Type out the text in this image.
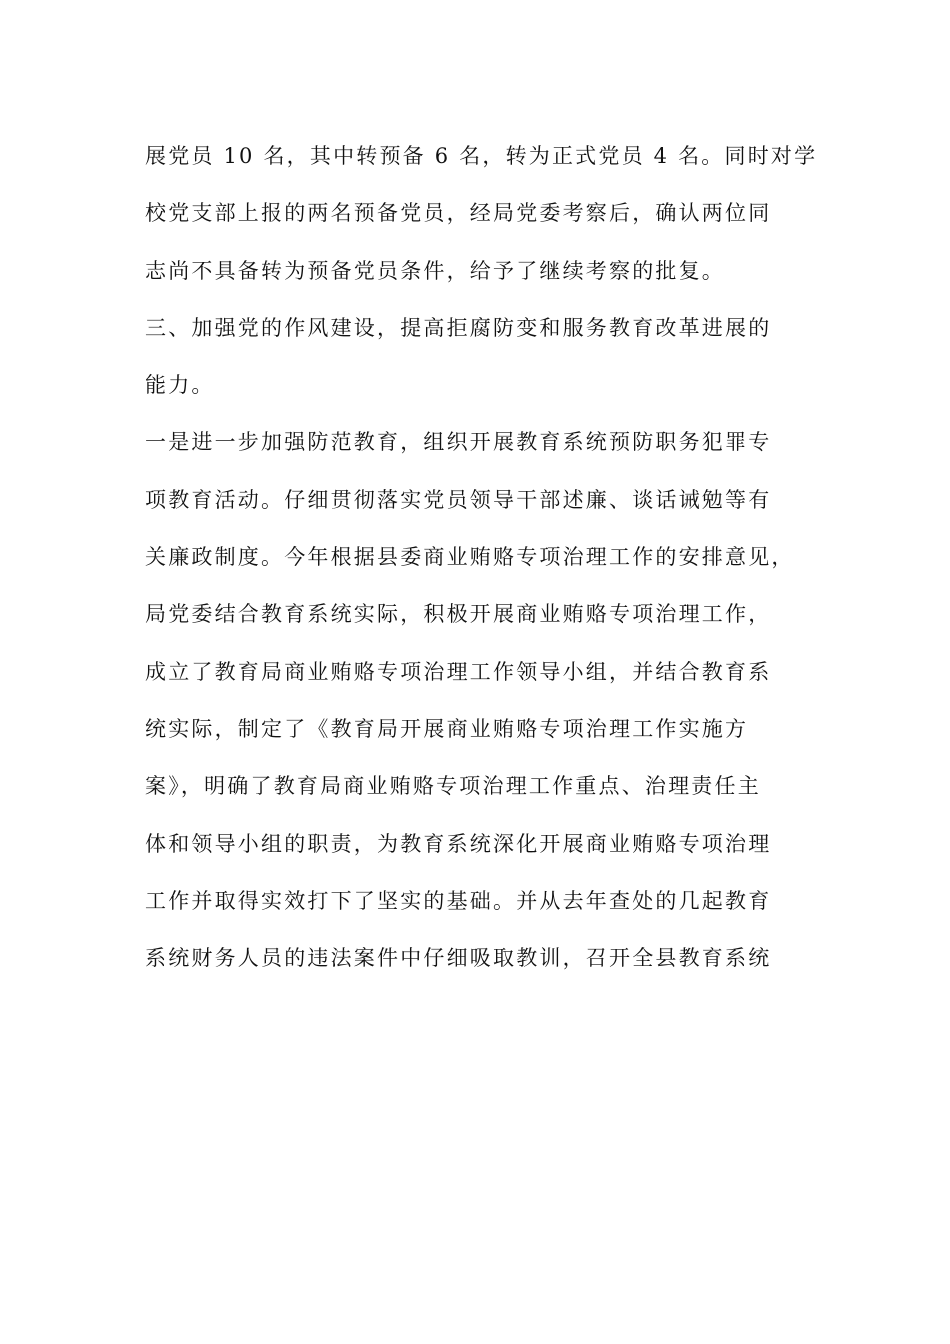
展党员 10 名，其中转预备 6 名，转为正式党员 4 名。同时对学
校党支部上报的两名预备党员，经局党委考察后，确认两位同
志尚不具备转为预备党员条件，给予了继续考察的批复。
三、加强党的作风建设，提高拒腐防变和服务教育改革进展的
能力。
一是进一步加强防范教育，组织开展教育系统预防职务犯罪专
项教育活动。仔细贯彻落实党员领导干部述廉、谈话诫勉等有
关廉政制度。今年根据县委商业贿赂专项治理工作的安排意见，
局党委结合教育系统实际，积极开展商业贿赂专项治理工作，
成立了教育局商业贿赂专项治理工作领导小组，并结合教育系
统实际，制定了《教育局开展商业贿赂专项治理工作实施方
案》，明确了教育局商业贿赂专项治理工作重点、治理责任主
体和领导小组的职责，为教育系统深化开展商业贿赂专项治理
工作并取得实效打下了坚实的基础。并从去年查处的几起教育
系统财务人员的违法案件中仔细吸取教训，召开全县教育系统
